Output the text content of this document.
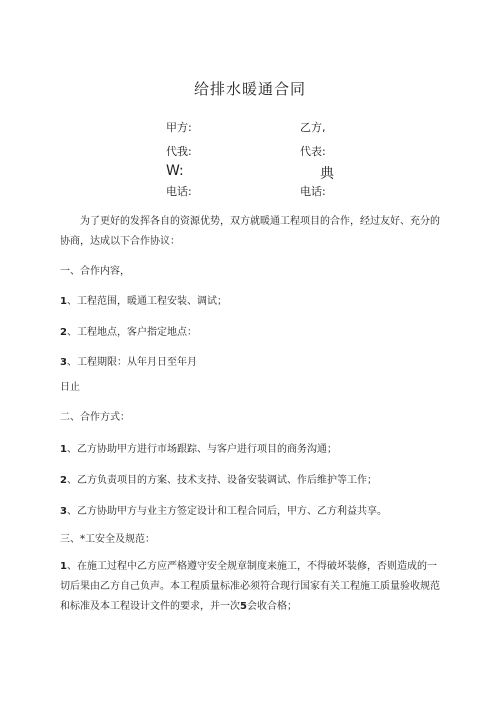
给排水暖通合同
甲方:	乙方,
代我:	代表:
W:	典
电话:	电话:
为了更好的发挥各自的资源优势，双方就暖通工程项目的合作，经过友好、充分的协商，达成以下合作协议：
一、合作内容，
1、工程范围，暖通工程安装、调试；
2、工程地点，客户指定地点：
3、工程期限：从年月日至年月
日止
二、合作方式：
1、乙方协助甲方进行市场跟踪、与客户进行项目的商务沟通；
2、乙方负责项目的方案、技术支持、设备安装调试、作后维护等工作；
3、乙方协助甲方与业主方签定设计和工程合同后，甲方、乙方利益共享。
三、*工安全及规范：
1、在施工过程中乙方应严格遵守安全规章制度来施工，不得破坏装修，否则造成的一切后果由乙方自己负声。本工程质量标准必须符合现行国家有关工程施工质量验收规范和标准及本工程设计文件的要求，并一次5会收合格；
